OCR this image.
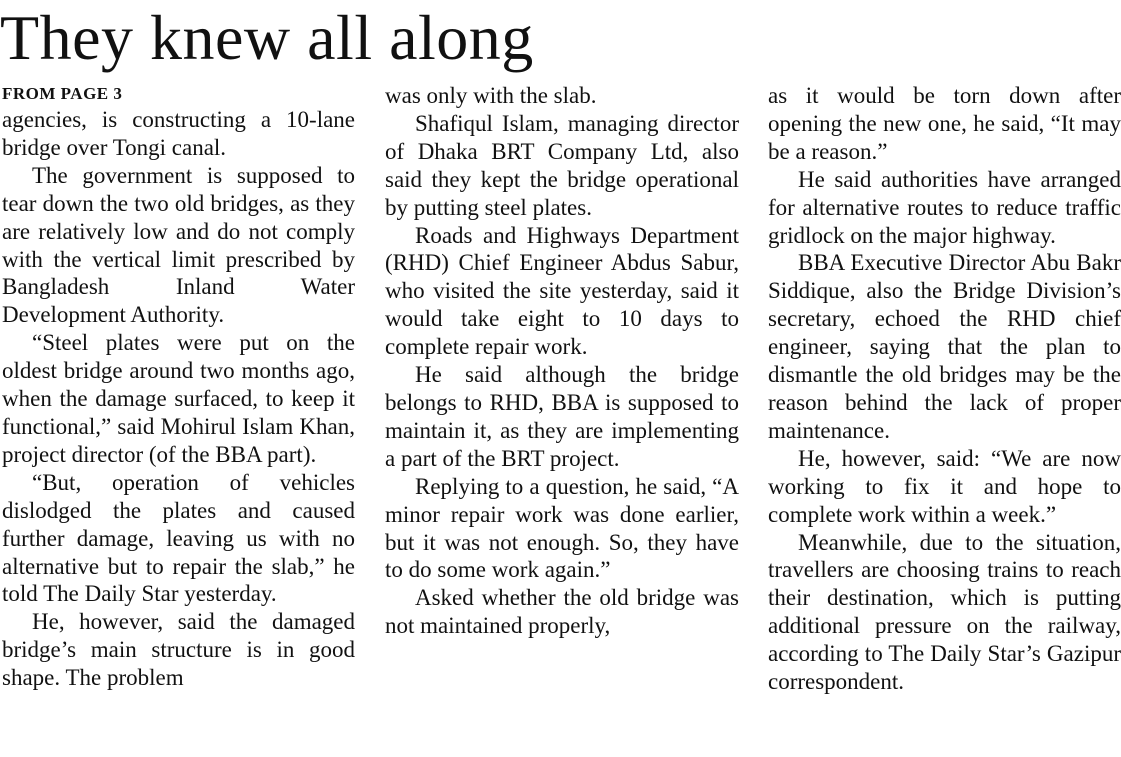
They knew all along
FROM PAGE 3

agencies, is constructing a 10-lane bridge over Tongi canal.

The government is supposed to tear down the two old bridges, as they are relatively low and do not comply with the vertical limit prescribed by Bangladesh Inland Water Development Authority.

“Steel plates were put on the oldest bridge around two months ago, when the damage surfaced, to keep it functional,” said Mohirul Islam Khan, project director (of the BBA part).

“But, operation of vehicles dislodged the plates and caused further damage, leaving us with no alternative but to repair the slab,” he told The Daily Star yesterday.

He, however, said the damaged bridge’s main structure is in good shape. The problem

was only with the slab.

Shafiqul Islam, managing director of Dhaka BRT Company Ltd, also said they kept the bridge operational by putting steel plates.

Roads and Highways Department (RHD) Chief Engineer Abdus Sabur, who visited the site yesterday, said it would take eight to 10 days to complete repair work.

He said although the bridge belongs to RHD, BBA is supposed to maintain it, as they are implementing a part of the BRT project.

Replying to a question, he said, “A minor repair work was done earlier, but it was not enough. So, they have to do some work again.”

Asked whether the old bridge was not maintained properly,

as it would be torn down after opening the new one, he said, “It may be a reason.”

He said authorities have arranged for alternative routes to reduce traffic gridlock on the major highway.

BBA Executive Director Abu Bakr Siddique, also the Bridge Division’s secretary, echoed the RHD chief engineer, saying that the plan to dismantle the old bridges may be the reason behind the lack of proper maintenance.

He, however, said: “We are now working to fix it and hope to complete work within a week.”

Meanwhile, due to the situation, travellers are choosing trains to reach their destination, which is putting additional pressure on the railway, according to The Daily Star’s Gazipur correspondent.
